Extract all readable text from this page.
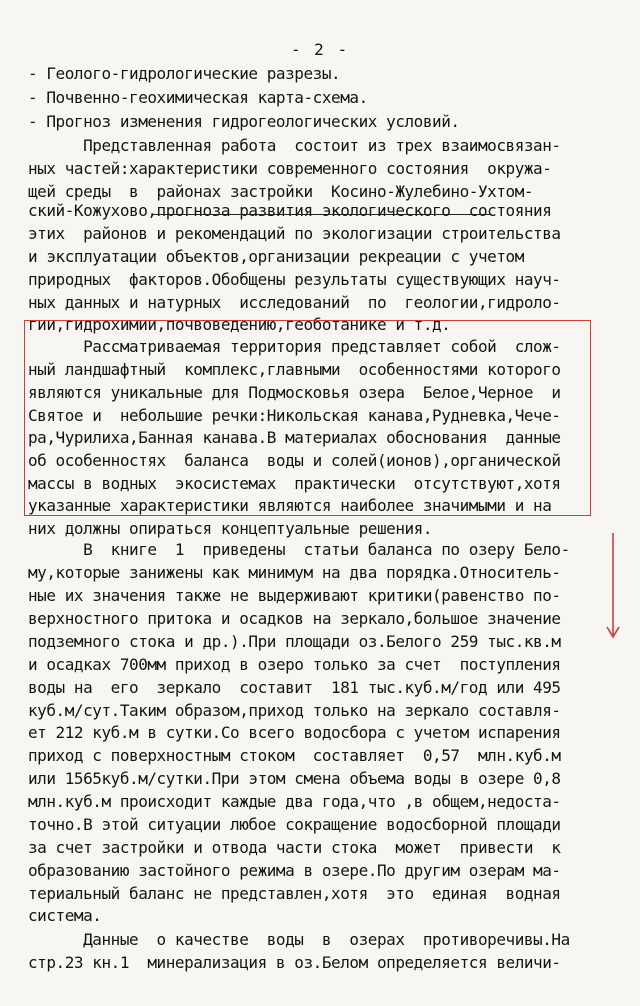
- 2 -
- Геолого-гидрологические разрезы.
- Почвенно-геохимическая карта-схема.
- Прогноз изменения гидрогеологических условий.
Представленная работа  состоит из трех взаимосвязан-
ных частей:характеристики современного состояния  окружа-
щей среды  в  районах застройки  Косино-Жулебино-Ухтом-
ский-Кожухово,прогноза развития экологического  состояния
этих  районов и рекомендаций по экологизации строительства
и эксплуатации объектов,организации рекреации с учетом
природных  факторов.Обобщены результаты существующих науч-
ных данных и натурных  исследований  по  геологии,гидроло-
гии,гидрохимии,почвоведению,геоботанике и т.д.
Рассматриваемая территория представляет собой  слож-
ный ландшафтный  комплекс,главными  особенностями которого
являются уникальные для Подмосковья озера  Белое,Черное  и
Святое и  небольшие речки:Никольская канава,Рудневка,Чече-
ра,Чурилиха,Банная канава.В материалах обоснования  данные
об особенностях  баланса  воды и солей(ионов),органической
массы в водных  экосистемах  практически  отсутствуют,хотя
указанные характеристики являются наиболее значимыми и на
них должны опираться концептуальные решения.
В  книге  1  приведены  статьи баланса по озеру Бело-
му,которые занижены как минимум на два порядка.Относитель-
ные их значения также не выдерживают критики(равенство по-
верхностного притока и осадков на зеркало,большое значение
подземного стока и др.).При площади оз.Белого 259 тыс.кв.м
и осадках 700мм приход в озеро только за счет  поступления
воды на  его  зеркало  составит  181 тыс.куб.м/год или 495
куб.м/сут.Таким образом,приход только на зеркало составля-
ет 212 куб.м в сутки.Со всего водосбора с учетом испарения
приход с поверхностным стоком  составляет  0,57  млн.куб.м
или 1565куб.м/сутки.При этом смена объема воды в озере 0,8
млн.куб.м происходит каждые два года,что ,в общем,недоста-
точно.В этой ситуации любое сокращение водосборной площади
за счет застройки и отвода части стока  может  привести  к
образованию застойного режима в озере.По другим озерам ма-
териальный баланс не представлен,хотя  это  единая  водная
система.
Данные  о качестве  воды  в  озерах  противоречивы.На
стр.23 кн.1  минерализация в оз.Белом определяется величи-
